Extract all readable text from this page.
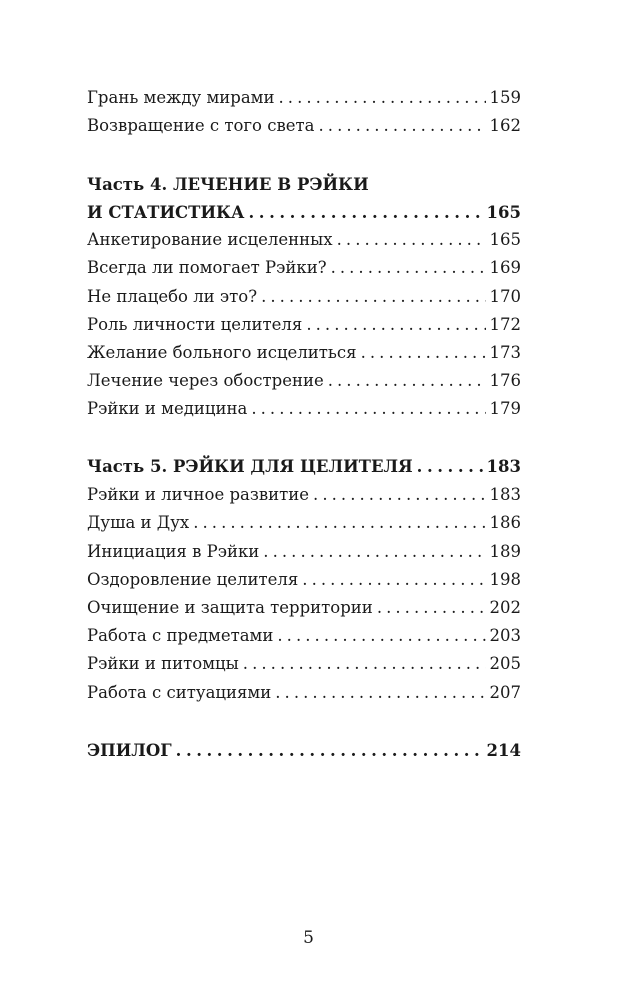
Грань между мирами . . .	159
Возвращение с того света . . .	162
Часть 4. ЛЕЧЕНИЕ В РЭЙКИ
И СТАТИСТИКА . . .	165
Анкетирование исцеленных . . .	165
Всегда ли помогает Рэйки? . . .	169
Не плацебо ли это? . . .	170
Роль личности целителя . . .	172
Желание больного исцелиться . . .	173
Лечение через обострение . . .	176
Рэйки и медицина . . .	179
Часть 5. РЭЙКИ ДЛЯ ЦЕЛИТЕЛЯ . . .	183
Рэйки и личное развитие . . .	183
Душа и Дух . . .	186
Инициация в Рэйки . . .	189
Оздоровление целителя . . .	198
Очищение и защита территории . . .	202
Работа с предметами . . .	203
Рэйки и питомцы . . .	205
Работа с ситуациями . . .	207
ЭПИЛОГ . . .	214
5
